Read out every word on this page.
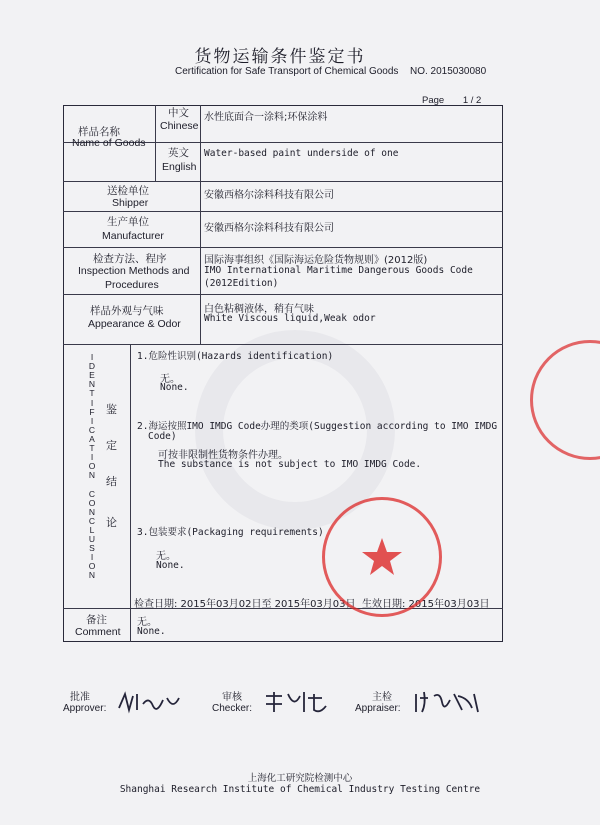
货物运输条件鉴定书
Certification for Safe Transport of Chemical Goods NO. 2015030080
Page 1 / 2
样品名称
Name of Goods
中文
Chinese
水性底面合一涂料;环保涂料
英文
English
Water-based paint underside of one
送检单位
Shipper
安徽西格尔涂料科技有限公司
生产单位
Manufacturer
安徽西格尔涂料科技有限公司
检查方法、程序
Inspection Methods and
Procedures
国际海事组织《国际海运危险货物规则》(2012版)
IMO International Maritime Dangerous Goods Code
(2012Edition)
样品外观与气味
Appearance & Odor
白色粘稠液体，稍有气味
White Viscous liquid,Weak odor
I
D
E
N
T
I
F
I
C
A
T
I
O
N
C
O
N
C
L
U
S
I
O
N
鉴
定
结
论
1.危险性识别(Hazards identification)
无。
None.
2.海运按照IMO IMDG Code办理的类项(Suggestion according to IMO IMDG
Code)
可按非限制性货物条件办理。
The substance is not subject to IMO IMDG Code.
3.包装要求(Packaging requirements)
无。
None.
检查日期: 2015年03月02日至 2015年03月03日 生效日期: 2015年03月03日
备注
Comment
无。
None.
批准
Approver:
审核
Checker:
主检
Appraiser:
上海化工研究院检测中心
Shanghai Research Institute of Chemical Industry Testing Centre
